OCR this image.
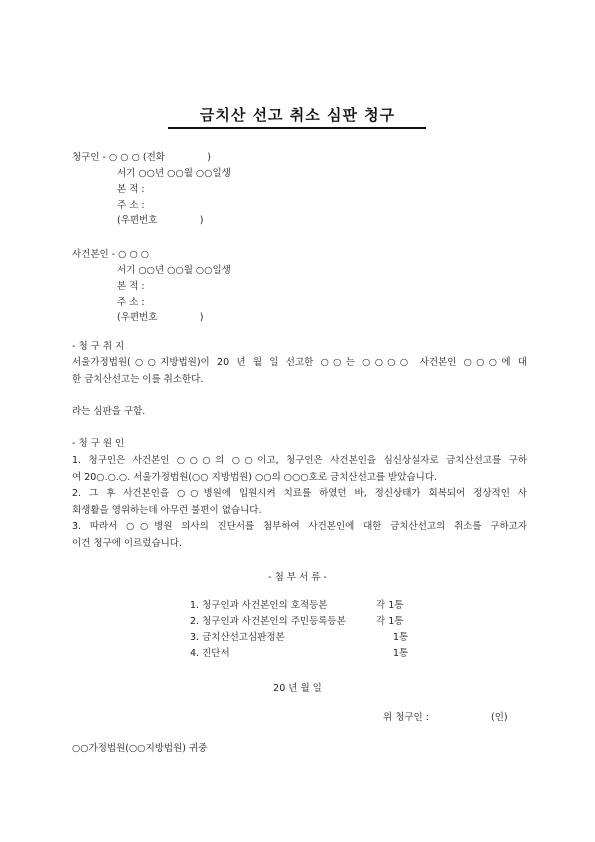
금치산 선고 취소 심판 청구
청구인 - ○ ○ ○ (전화              )
서기 ○○년 ○○월 ○○일생
본 적 :
주 소 :
(우편번호              )
사건본인 - ○ ○ ○
서기 ○○년 ○○월 ○○일생
본 적 :
주 소 :
(우편번호              )
- 청 구 취 지
서울가정법원(○○지방법원)이 20 년 월 일 선고한 ○○는 ○○○○ 사건본인 ○○○에 대
한 금치산선고는 이를 취소한다.
라는 심판을 구함.
- 청 구 원 인
1. 청구인은 사건본인 ○○○의 ○○이고, 청구인은 사건본인을 심신상실자로 금치산선고를 구하
여 20○.○.○. 서울가정법원(○○ 지방법원) ○○의 ○○○호로 금치산선고를 받았습니다.
2. 그 후 사건본인을 ○○병원에 입원시켜 치료를 하였던 바, 정신상태가 회복되어 정상적인 사
회생활을 영위하는데 아무런 불편이 없습니다.
3. 따라서 ○○병원 의사의 진단서를 첨부하여 사건본인에 대한 금치산선고의 취소를 구하고자
이건 청구에 이르렀습니다.
- 첨 부 서 류 -
1. 청구인과 사건본인의 호적등본	각 1통
2. 청구인과 사건본인의 주민등록등본	각 1통
3. 금치산선고심판정본	1통
4. 진단서	1통
20 년 월 일
위 청구인 :	(인)
○○가정법원(○○지방법원) 귀중
